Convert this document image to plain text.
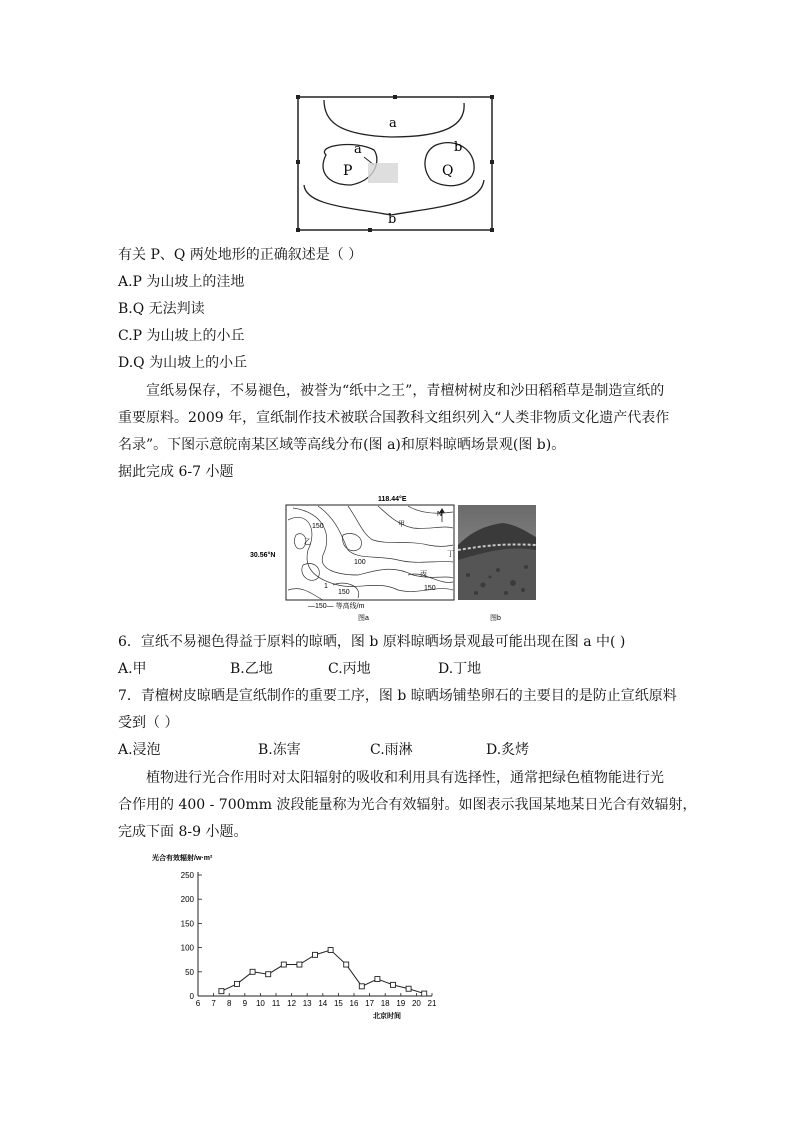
a
a	b
b
P	Q
有关 P、Q 两处地形的正确叙述是（ ）
A.P 为山坡上的洼地
B.Q 无法判读
C.P 为山坡上的小丘
D.Q 为山坡上的小丘
宣纸易保存，不易褪色，被誉为“纸中之王”，青檀树树皮和沙田稻稻草是制造宣纸的
重要原料。2009 年，宣纸制作技术被联合国教科文组织列入“人类非物质文化遗产代表作
名录”。下图示意皖南某区域等高线分布(图 a)和原料晾晒场景观(图 b)。
据此完成 6-7 小题
118.44°E
30.56°N
甲
乙
丙
丁
150
100
150
150
1
N
—150— 等高线/m
图a	图b
6．宣纸不易褪色得益于原料的晾晒，图 b 原料晾晒场景观最可能出现在图 a 中( )
A.甲	B.乙地	C.丙地	D.丁地
7．青檀树皮晾晒是宣纸制作的重要工序，图 b 晾晒场铺垫卵石的主要目的是防止宣纸原料
受到（ ）
A.浸泡	B.冻害	C.雨淋	D.炙烤
植物进行光合作用时对太阳辐射的吸收和利用具有选择性，通常把绿色植物能进行光
合作用的 400 - 700mm 波段能量称为光合有效辐射。如图表示我国某地某日光合有效辐射，
完成下面 8-9 小题。
光合有效辐射/w·m²
北京时间
0
50
100
150
200
250
6 7 8 9 10 11 12 13 14 15 16 17 18 19 20 21
